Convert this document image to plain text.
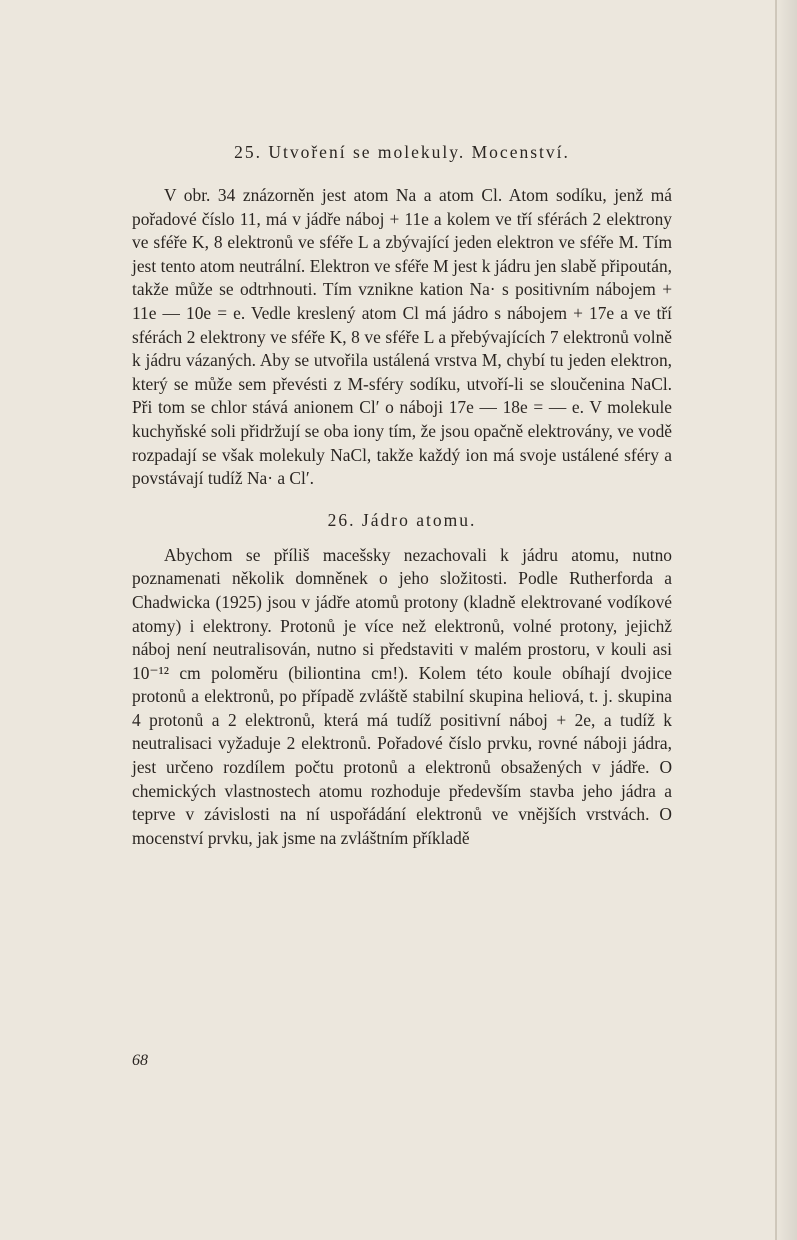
25. Utvoření se molekuly. Mocenství.

V obr. 34 znázorněn jest atom Na a atom Cl. Atom sodíku, jenž má pořadové číslo 11, má v jádře náboj + 11e a kolem ve tří sférách 2 elektrony ve sféře K, 8 elektronů ve sféře L a zbývající jeden elektron ve sféře M. Tím jest tento atom neutrální. Elektron ve sféře M jest k jádru jen slabě připoután, takže může se odtrhnouti. Tím vznikne kation Na· s positivním nábojem + 11e — 10e = e. Vedle kreslený atom Cl má jádro s nábojem + 17e a ve tří sférách 2 elektrony ve sféře K, 8 ve sféře L a přebývajících 7 elektronů volně k jádru vázaných. Aby se utvořila ustálená vrstva M, chybí tu jeden elektron, který se může sem převésti z M-sféry sodíku, utvoří-li se sloučenina NaCl. Při tom se chlor stává anionem Cl′ o náboji 17e — 18e = — e. V molekule kuchyňské soli přidržují se oba iony tím, že jsou opačně elektrovány, ve vodě rozpadají se však molekuly NaCl, takže každý ion má svoje ustálené sféry a povstávají tudíž Na· a Cl′.

26. Jádro atomu.

Abychom se příliš macešsky nezachovali k jádru atomu, nutno poznamenati několik domněnek o jeho složitosti. Podle Rutherforda a Chadwicka (1925) jsou v jádře atomů protony (kladně elektrované vodíkové atomy) i elektrony. Protonů je více než elektronů, volné protony, jejichž náboj není neutralisován, nutno si představiti v malém prostoru, v kouli asi 10⁻¹² cm poloměru (biliontina cm!). Kolem této koule obíhají dvojice protonů a elektronů, po případě zvláště stabilní skupina heliová, t. j. skupina 4 protonů a 2 elektronů, která má tudíž positivní náboj + 2e, a tudíž k neutralisaci vyžaduje 2 elektronů. Pořadové číslo prvku, rovné náboji jádra, jest určeno rozdílem počtu protonů a elektronů obsažených v jádře. O chemických vlastnostech atomu rozhoduje především stavba jeho jádra a teprve v závislosti na ní uspořádání elektronů ve vnějších vrstvách. O mocenství prvku, jak jsme na zvláštním příkladě

68
